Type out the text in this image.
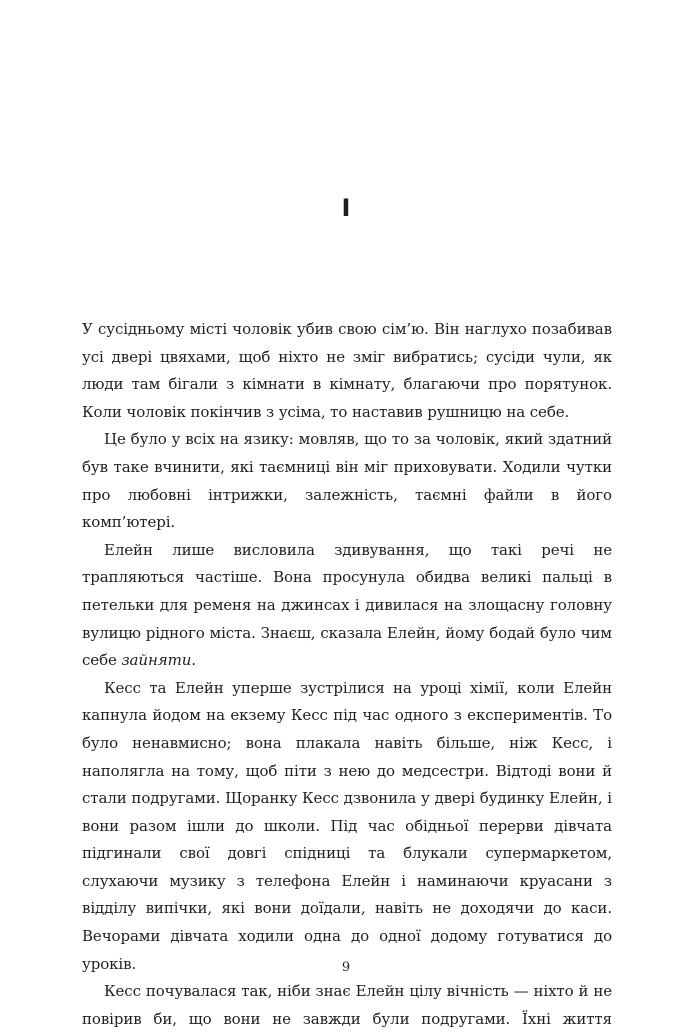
I

У сусідньому місті чоловік убив свою сім’ю. Він наглухо позабивав усі двері цвяхами, щоб ніхто не зміг вибратись; сусіди чули, як люди там бігали з кімнати в кімнату, благаючи про порятунок. Коли чоловік покінчив з усіма, то наставив рушницю на себе.

Це було у всіх на язику: мовляв, що то за чоловік, який здатний був таке вчинити, які таємниці він міг приховувати. Ходили чутки про любовні інтрижки, залежність, таємні файли в його комп’ютері.

Елейн лише висловила здивування, що такі речі не трапляються частіше. Вона просунула обидва великі пальці в петельки для ременя на джинсах і дивилася на злощасну головну вулицю рідного міста. Знаєш, сказала Елейн, йому бодай було чим себе зайняти.

Кесс та Елейн уперше зустрілися на уроці хімії, коли Елейн капнула йодом на екзему Кесс під час одного з експериментів. То було ненавмисно; вона плакала навіть більше, ніж Кесс, і наполягла на тому, щоб піти з нею до медсестри. Відтоді вони й стали подругами. Щоранку Кесс дзвонила у двері будинку Елейн, і вони разом ішли до школи. Під час обідньої перерви дівчата підгинали свої довгі спідниці та блукали супермаркетом, слухаючи музику з телефона Елейн і наминаючи круасани з відділу випічки, які вони доїдали, навіть не доходячи до каси. Вечорами дівчата ходили одна до одної додому готуватися до уроків.

Кесс почувалася так, ніби знає Елейн цілу вічність — ніхто й не повірив би, що вони не завжди були подругами. Їхні життя

9
